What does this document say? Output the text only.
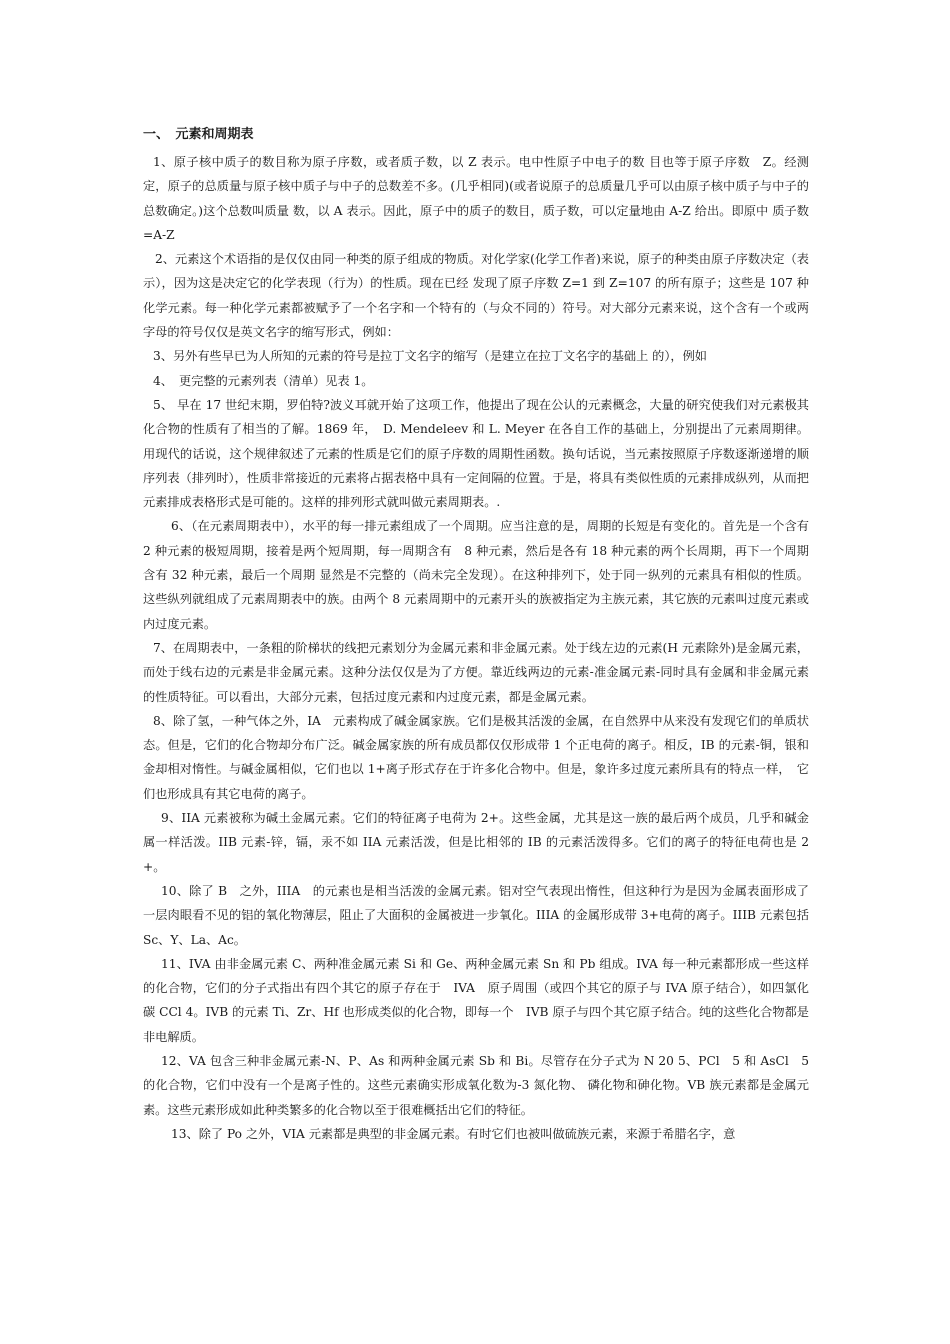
一、　元素和周期表

1、原子核中质子的数目称为原子序数，或者质子数，以 Z 表示。电中性原子中电子的数 目也等于原子序数　Z。经测定，原子的总质量与原子核中质子与中子的总数差不多。(几乎相同)(或者说原子的总质量几乎可以由原子核中质子与中子的总数确定。)这个总数叫质量 数，以 A 表示。因此，原子中的质子的数目，质子数，可以定量地由 A-Z 给出。即原中 质子数=A-Z

2、元素这个术语指的是仅仅由同一种类的原子组成的物质。对化学家(化学工作者)来说，原子的种类由原子序数决定（表示），因为这是决定它的化学表现（行为）的性质。现在已经 发现了原子序数 Z=1 到 Z=107 的所有原子；这些是 107 种化学元素。每一种化学元素都被赋予了一个名字和一个特有的（与众不同的）符号。对大部分元素来说，这个含有一个或两字母的符号仅仅是英文名字的缩写形式，例如：

3、另外有些早已为人所知的元素的符号是拉丁文名字的缩写（是建立在拉丁文名字的基础上 的），例如

4、　更完整的元素列表（清单）见表 1。

5、 早在 17 世纪末期，罗伯特?波义耳就开始了这项工作，他提出了现在公认的元素概念，大量的研究使我们对元素极其化合物的性质有了相当的了解。1869 年，　D. Mendeleev 和 L. Meyer 在各自工作的基础上，分别提出了元素周期律。用现代的话说，这个规律叙述了元素的性质是它们的原子序数的周期性函数。换句话说，当元素按照原子序数逐渐递增的顺序列表（排列时），性质非常接近的元素将占据表格中具有一定间隔的位置。于是，将具有类似性质的元素排成纵列，从而把元素排成表格形式是可能的。这样的排列形式就叫做元素周期表。.

6、（在元素周期表中），水平的每一排元素组成了一个周期。应当注意的是，周期的长短是有变化的。首先是一个含有 2 种元素的极短周期，接着是两个短周期，每一周期含有　8 种元素，然后是各有 18 种元素的两个长周期，再下一个周期含有 32 种元素，最后一个周期 显然是不完整的（尚未完全发现）。在这种排列下，处于同一纵列的元素具有相似的性质。这些纵列就组成了元素周期表中的族。由两个 8 元素周期中的元素开头的族被指定为主族元素，其它族的元素叫过度元素或内过度元素。

7、在周期表中，一条粗的阶梯状的线把元素划分为金属元素和非金属元素。处于线左边的元素(H 元素除外)是金属元素，而处于线右边的元素是非金属元素。这种分法仅仅是为了方便。靠近线两边的元素-准金属元素-同时具有金属和非金属元素的性质特征。可以看出，大部分元素，包括过度元素和内过度元素，都是金属元素。

8、除了氢，一种气体之外，IA　元素构成了碱金属家族。它们是极其活泼的金属，在自然界中从来没有发现它们的单质状态。但是，它们的化合物却分布广泛。碱金属家族的所有成员都仅仅形成带 1 个正电荷的离子。相反，IB 的元素-铜，银和金却相对惰性。与碱金属相似，它们也以 1+离子形式存在于许多化合物中。但是，象许多过度元素所具有的特点一样，　它们也形成具有其它电荷的离子。

9、IIA 元素被称为碱土金属元素。它们的特征离子电荷为 2+。这些金属，尤其是这一族的最后两个成员，几乎和碱金属一样活泼。IIB 元素-锌，镉，汞不如 IIA 元素活泼，但是比相邻的 IB 的元素活泼得多。它们的离子的特征电荷也是 2+。

10、除了 B　之外，IIIA　的元素也是相当活泼的金属元素。铝对空气表现出惰性，但这种行为是因为金属表面形成了一层肉眼看不见的铝的氧化物薄层，阻止了大面积的金属被进一步氧化。IIIA 的金属形成带 3+电荷的离子。IIIB 元素包括 Sc、Y、La、Ac。

11、IVA 由非金属元素 C、两种准金属元素 Si 和 Ge、两种金属元素 Sn 和 Pb 组成。IVA 每一种元素都形成一些这样的化合物，它们的分子式指出有四个其它的原子存在于　IVA　原子周围（或四个其它的原子与 IVA 原子结合），如四氯化碳 CCl 4。IVB 的元素 Ti、Zr、Hf 也形成类似的化合物，即每一个　IVB 原子与四个其它原子结合。纯的这些化合物都是非电解质。

12、VA 包含三种非金属元素-N、P、As 和两种金属元素 Sb 和 Bi。尽管存在分子式为 N 20 5、PCl　5 和 AsCl　5 的化合物，它们中没有一个是离子性的。这些元素确实形成氧化数为-3 氮化物、 磷化物和砷化物。VB 族元素都是金属元素。这些元素形成如此种类繁多的化合物以至于很难概括出它们的特征。

13、除了 Po 之外，VIA 元素都是典型的非金属元素。有时它们也被叫做硫族元素，来源于希腊名字，意
